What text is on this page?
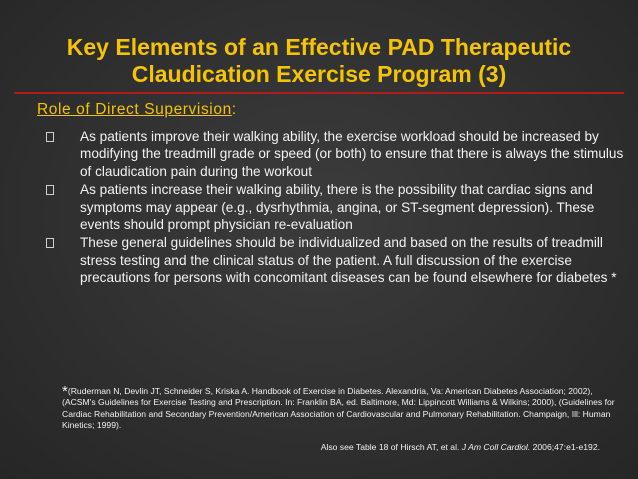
Key Elements of an Effective PAD Therapeutic
Claudication Exercise Program (3)
Role of Direct Supervision:
As patients improve their walking ability, the exercise workload should be increased by modifying the treadmill grade or speed (or both) to ensure that there is always the stimulus of claudication pain during the workout
As patients increase their walking ability, there is the possibility that cardiac signs and symptoms may appear (e.g., dysrhythmia, angina, or ST-segment depression). These events should prompt physician re-evaluation
These general guidelines should be individualized and based on the results of treadmill stress testing and the clinical status of the patient. A full discussion of the exercise precautions for persons with concomitant diseases can be found elsewhere for diabetes *
*(Ruderman N, Devlin JT, Schneider S, Kriska A. Handbook of Exercise in Diabetes. Alexandria, Va: American Diabetes Association; 2002), (ACSM's Guidelines for Exercise Testing and Prescription. In: Franklin BA, ed. Baltimore, Md: Lippincott Williams & Wilkins; 2000), (Guidelines for Cardiac Rehabilitation and Secondary Prevention/American Association of Cardiovascular and Pulmonary Rehabilitation. Champaign, Ill: Human Kinetics; 1999).
Also see Table 18 of Hirsch AT, et al. J Am Coll Cardiol. 2006;47:e1-e192.
